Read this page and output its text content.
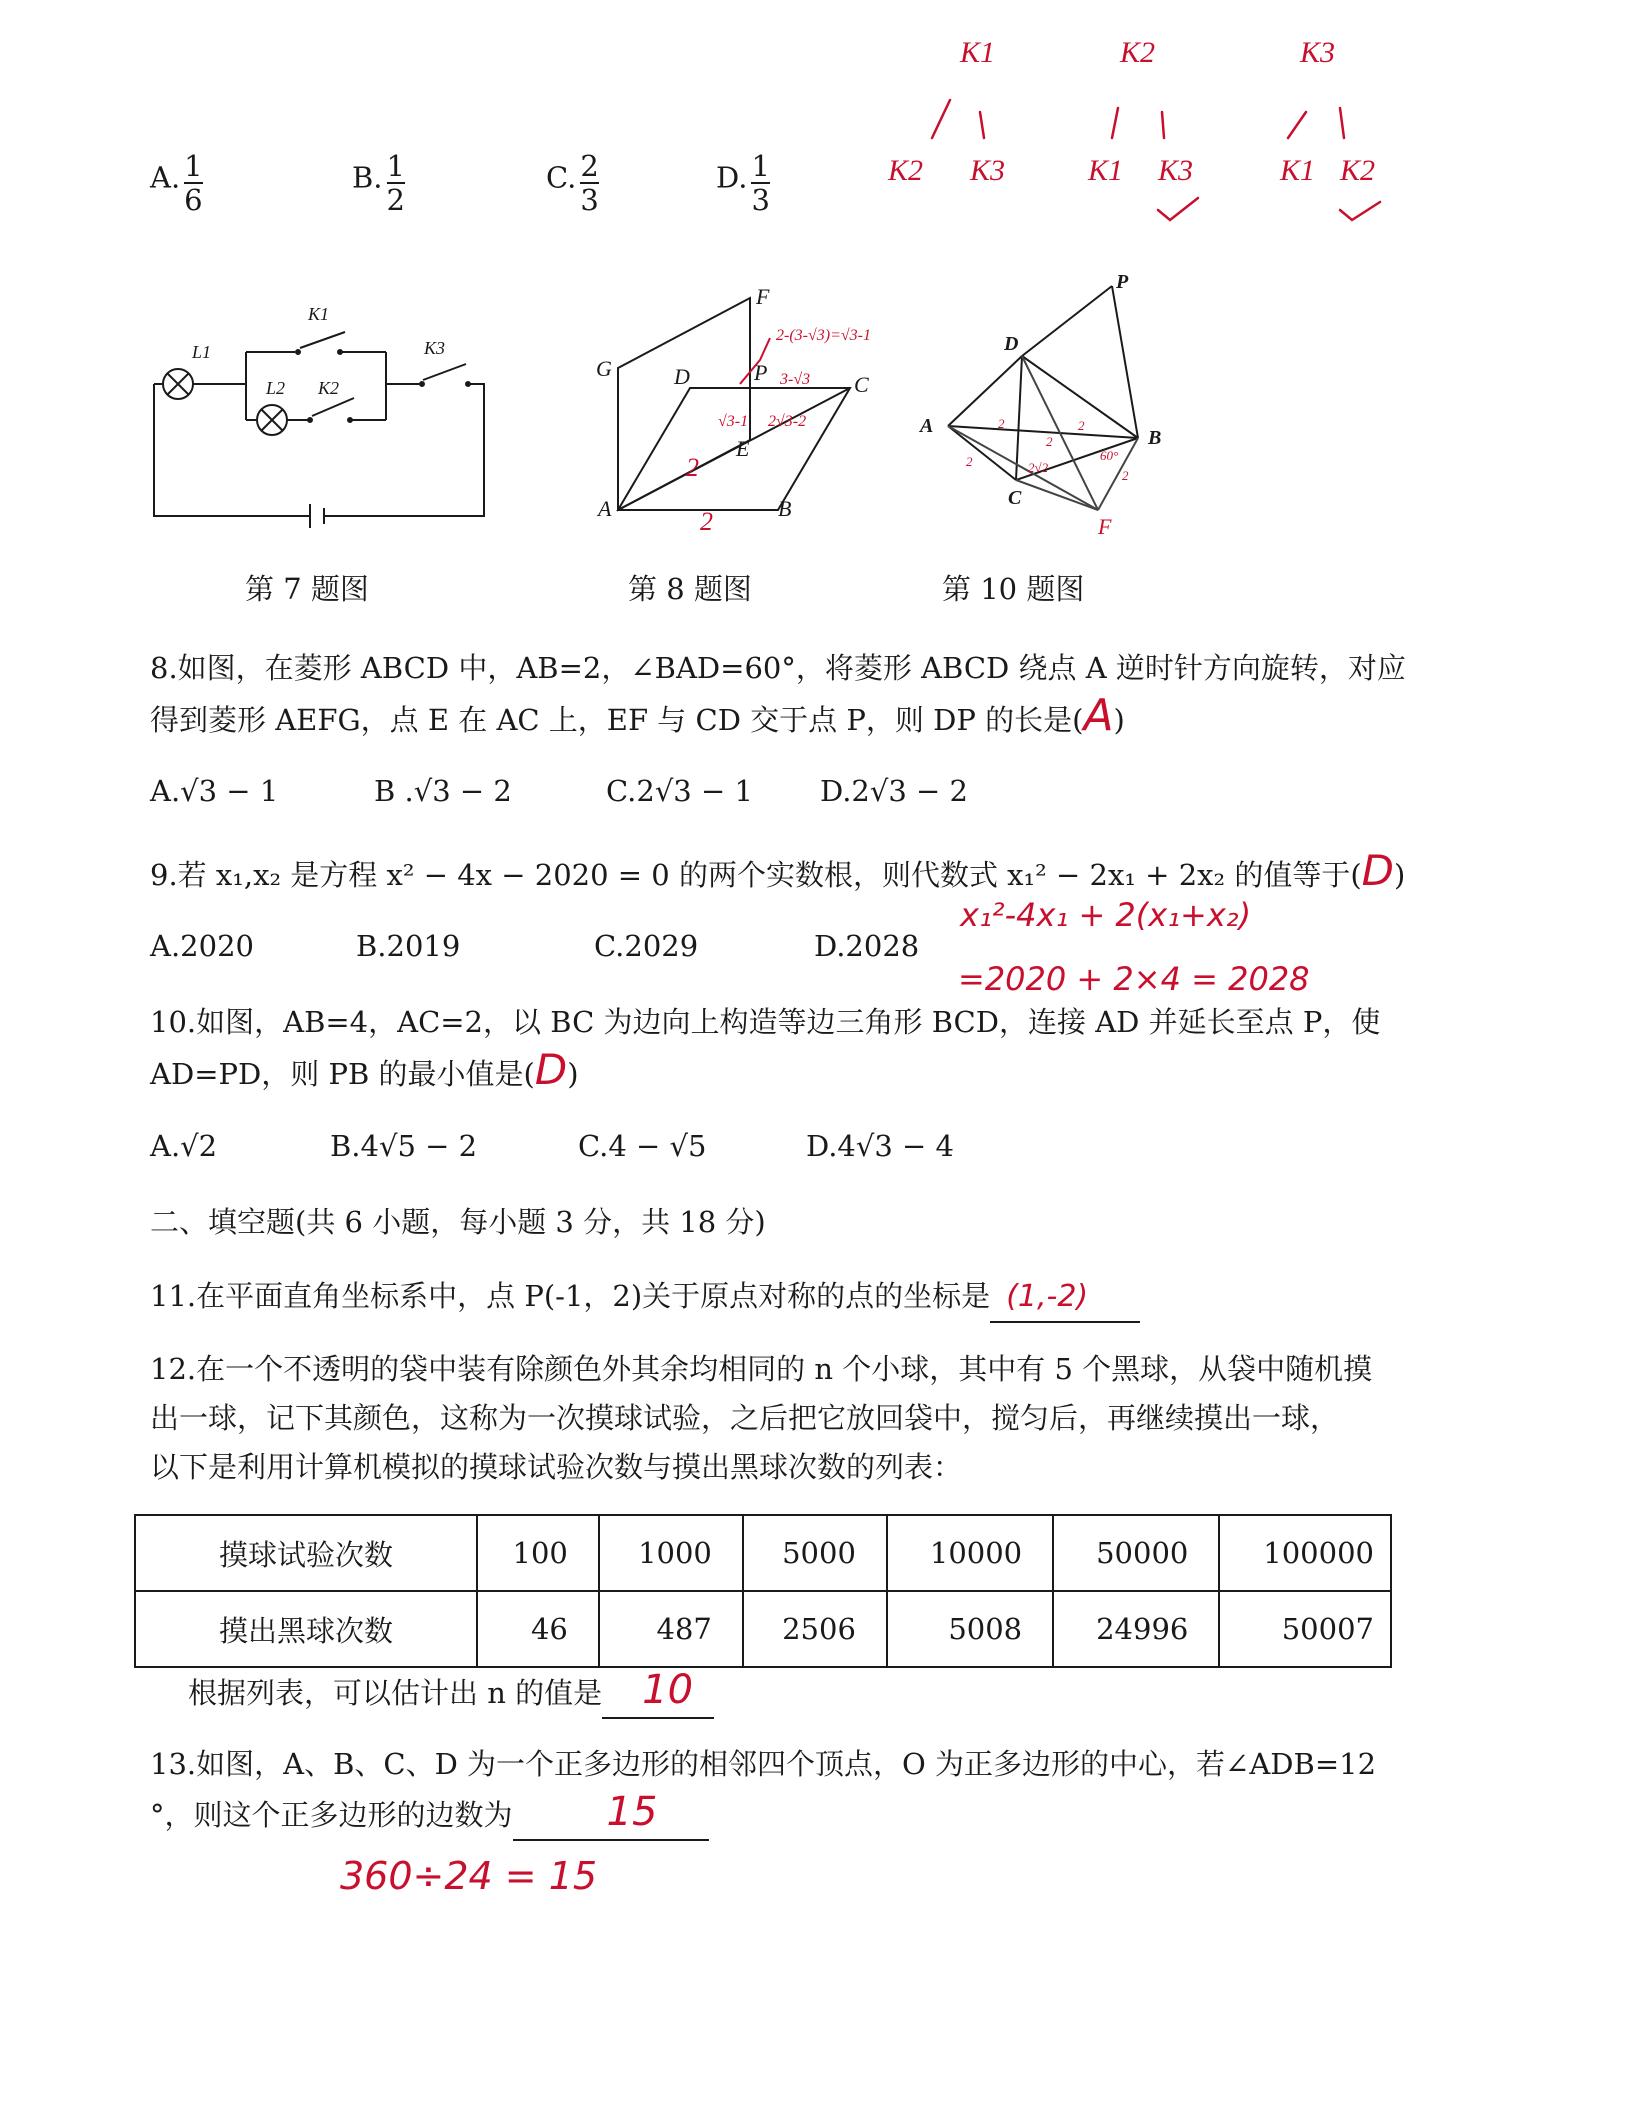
A. $\frac{1}{6}$	B. $\frac{1}{2}$	C. $\frac{2}{3}$	D. $\frac{1}{3}$
K1	K2	K3
K2 K3	K1 K3	K1 K2
L1
L2
K1
K2
K3
F
G	D	P	C
E
A	B
2-(3-√3)=√3-1
3-√3
√3-1 2√3-2
2
2
P
D
A
B
C
F
2	2
2
2
2√2
60°
2
第 7 题图	第 8 题图	第 10 题图
8.如图，在菱形 ABCD 中，AB=2，∠BAD=60°，将菱形 ABCD 绕点 A 逆时针方向旋转，对应
得到菱形 AEFG，点 E 在 AC 上，EF 与 CD 交于点 P，则 DP 的长是(A)
A.√3 − 1	B .√3 − 2	C.2√3 − 1 D.2√3 − 2
9.若 x₁,x₂ 是方程 x² − 4x − 2020 = 0 的两个实数根，则代数式 x₁² − 2x₁ + 2x₂ 的值等于(D)
A.2020	B.2019	C.2029	D.2028
x₁²-4x₁ + 2(x₁+x₂)
=2020 + 2×4 = 2028
10.如图，AB=4，AC=2，以 BC 为边向上构造等边三角形 BCD，连接 AD 并延长至点 P，使
AD=PD，则 PB 的最小值是(D)
A.√2	B.4√5 − 2	C.4 − √5	D.4√3 − 4
二、填空题(共 6 小题，每小题 3 分，共 18 分)
11.在平面直角坐标系中，点 P(-1，2)关于原点对称的点的坐标是 (1,-2)
12.在一个不透明的袋中装有除颜色外其余均相同的 n 个小球，其中有 5 个黑球，从袋中随机摸
出一球，记下其颜色，这称为一次摸球试验，之后把它放回袋中，搅匀后，再继续摸出一球，
以下是利用计算机模拟的摸球试验次数与摸出黑球次数的列表：
摸球试验次数	100	1000	5000	10000	50000	100000
摸出黑球次数	46	487	2506	5008	24996	50007
根据列表，可以估计出 n 的值是 10
13.如图，A、B、C、D 为一个正多边形的相邻四个顶点，O 为正多边形的中心，若∠ADB=12
°，则这个正多边形的边数为 15
360÷24 = 15
